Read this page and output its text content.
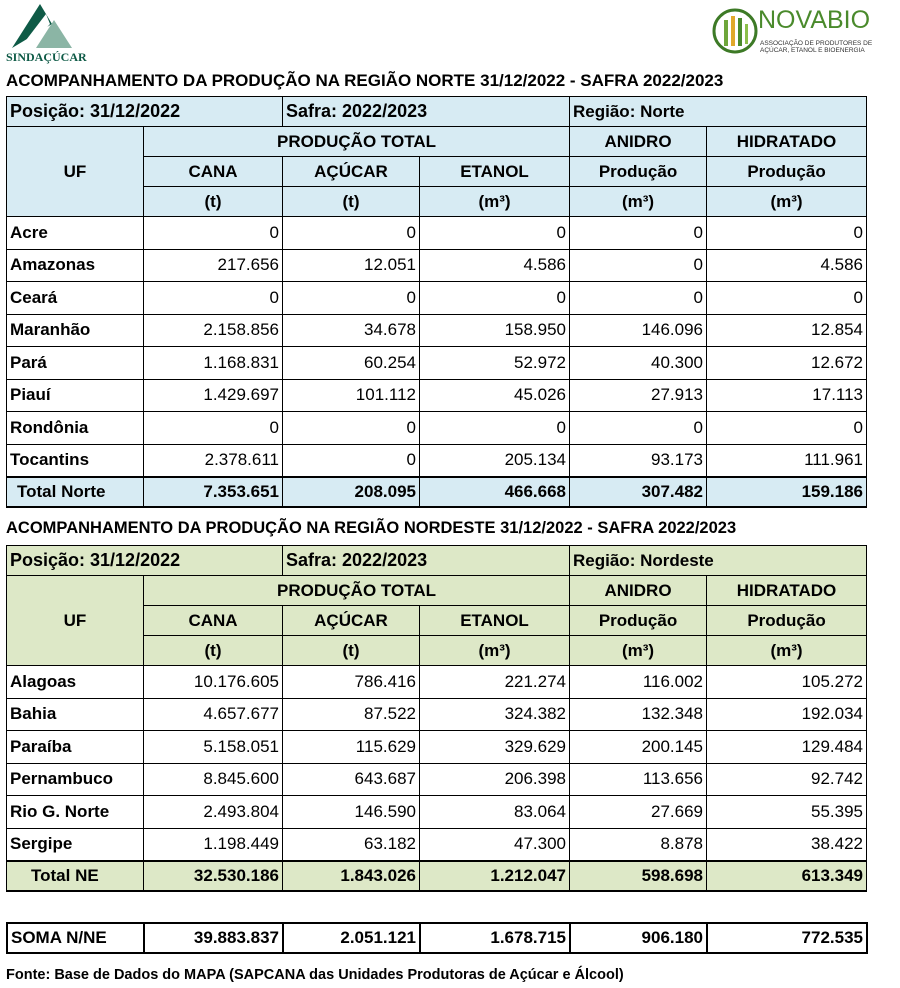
SINDAÇÚCAR
NOVABIO
ASSOCIAÇÃO DE PRODUTORES DE AÇÚCAR, ETANOL E BIOENERGIA
ACOMPANHAMENTO DA PRODUÇÃO NA REGIÃO NORTE 31/12/2022 - SAFRA 2022/2023
Posição: 31/12/2022		Safra: 2022/2023		Região: Norte	
UF	PRODUÇÃO TOTAL			ANIDRO	HIDRATADO
	CANA	AÇÚCAR	ETANOL	Produção	Produção
	(t)	(t)	(m³)	(m³)	(m³)
Acre	0	0	0	0	0
Amazonas	217.656	12.051	4.586	0	4.586
Ceará	0	0	0	0	0
Maranhão	2.158.856	34.678	158.950	146.096	12.854
Pará	1.168.831	60.254	52.972	40.300	12.672
Piauí	1.429.697	101.112	45.026	27.913	17.113
Rondônia	0	0	0	0	0
Tocantins	2.378.611	0	205.134	93.173	111.961
Total Norte	7.353.651	208.095	466.668	307.482	159.186
ACOMPANHAMENTO DA PRODUÇÃO NA REGIÃO NORDESTE 31/12/2022 - SAFRA 2022/2023
Posição: 31/12/2022		Safra: 2022/2023		Região: Nordeste	
UF	PRODUÇÃO TOTAL			ANIDRO	HIDRATADO
	CANA	AÇÚCAR	ETANOL	Produção	Produção
	(t)	(t)	(m³)	(m³)	(m³)
Alagoas	10.176.605	786.416	221.274	116.002	105.272
Bahia	4.657.677	87.522	324.382	132.348	192.034
Paraíba	5.158.051	115.629	329.629	200.145	129.484
Pernambuco	8.845.600	643.687	206.398	113.656	92.742
Rio G. Norte	2.493.804	146.590	83.064	27.669	55.395
Sergipe	1.198.449	63.182	47.300	8.878	38.422
Total NE	32.530.186	1.843.026	1.212.047	598.698	613.349
SOMA N/NE	39.883.837	2.051.121	1.678.715	906.180	772.535
Fonte: Base de Dados do MAPA (SAPCANA das Unidades Produtoras de Açúcar e Álcool)
